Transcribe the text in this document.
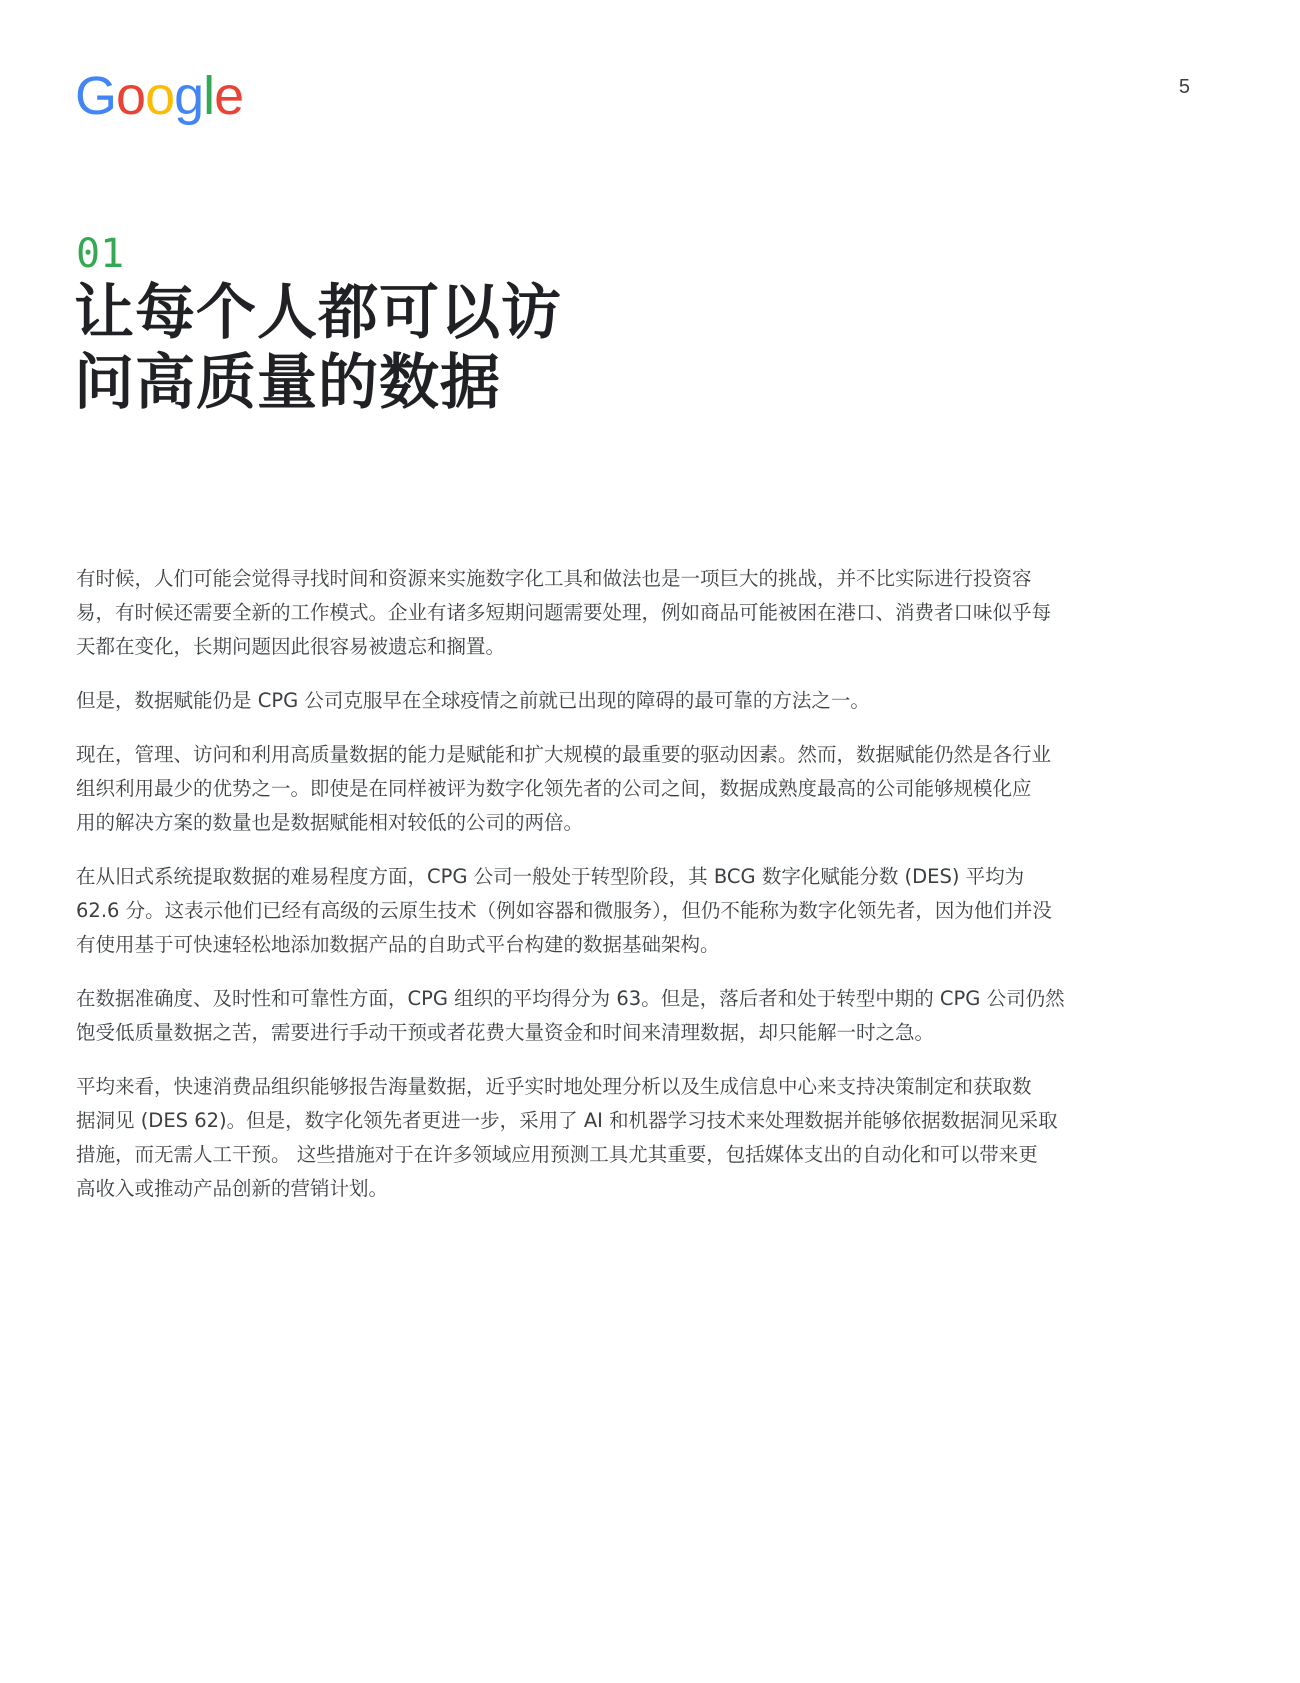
Google	5
01
让每个人都可以访
问高质量的数据

有时候，人们可能会觉得寻找时间和资源来实施数字化工具和做法也是一项巨大的挑战，并不比实际进行投资容
易，有时候还需要全新的工作模式。企业有诸多短期问题需要处理，例如商品可能被困在港口、消费者口味似乎每
天都在变化，长期问题因此很容易被遗忘和搁置。

但是，数据赋能仍是 CPG 公司克服早在全球疫情之前就已出现的障碍的最可靠的方法之一。

现在，管理、访问和利用高质量数据的能力是赋能和扩大规模的最重要的驱动因素。然而，数据赋能仍然是各行业
组织利用最少的优势之一。即使是在同样被评为数字化领先者的公司之间，数据成熟度最高的公司能够规模化应
用的解决方案的数量也是数据赋能相对较低的公司的两倍。

在从旧式系统提取数据的难易程度方面，CPG 公司一般处于转型阶段，其 BCG 数字化赋能分数 (DES) 平均为
62.6 分。这表示他们已经有高级的云原生技术（例如容器和微服务），但仍不能称为数字化领先者，因为他们并没
有使用基于可快速轻松地添加数据产品的自助式平台构建的数据基础架构。

在数据准确度、及时性和可靠性方面，CPG 组织的平均得分为 63。但是，落后者和处于转型中期的 CPG 公司仍然
饱受低质量数据之苦，需要进行手动干预或者花费大量资金和时间来清理数据，却只能解一时之急。

平均来看，快速消费品组织能够报告海量数据，近乎实时地处理分析以及生成信息中心来支持决策制定和获取数
据洞见 (DES 62)。但是，数字化领先者更进一步，采用了 AI 和机器学习技术来处理数据并能够依据数据洞见采取
措施，而无需人工干预。 这些措施对于在许多领域应用预测工具尤其重要，包括媒体支出的自动化和可以带来更
高收入或推动产品创新的营销计划。
